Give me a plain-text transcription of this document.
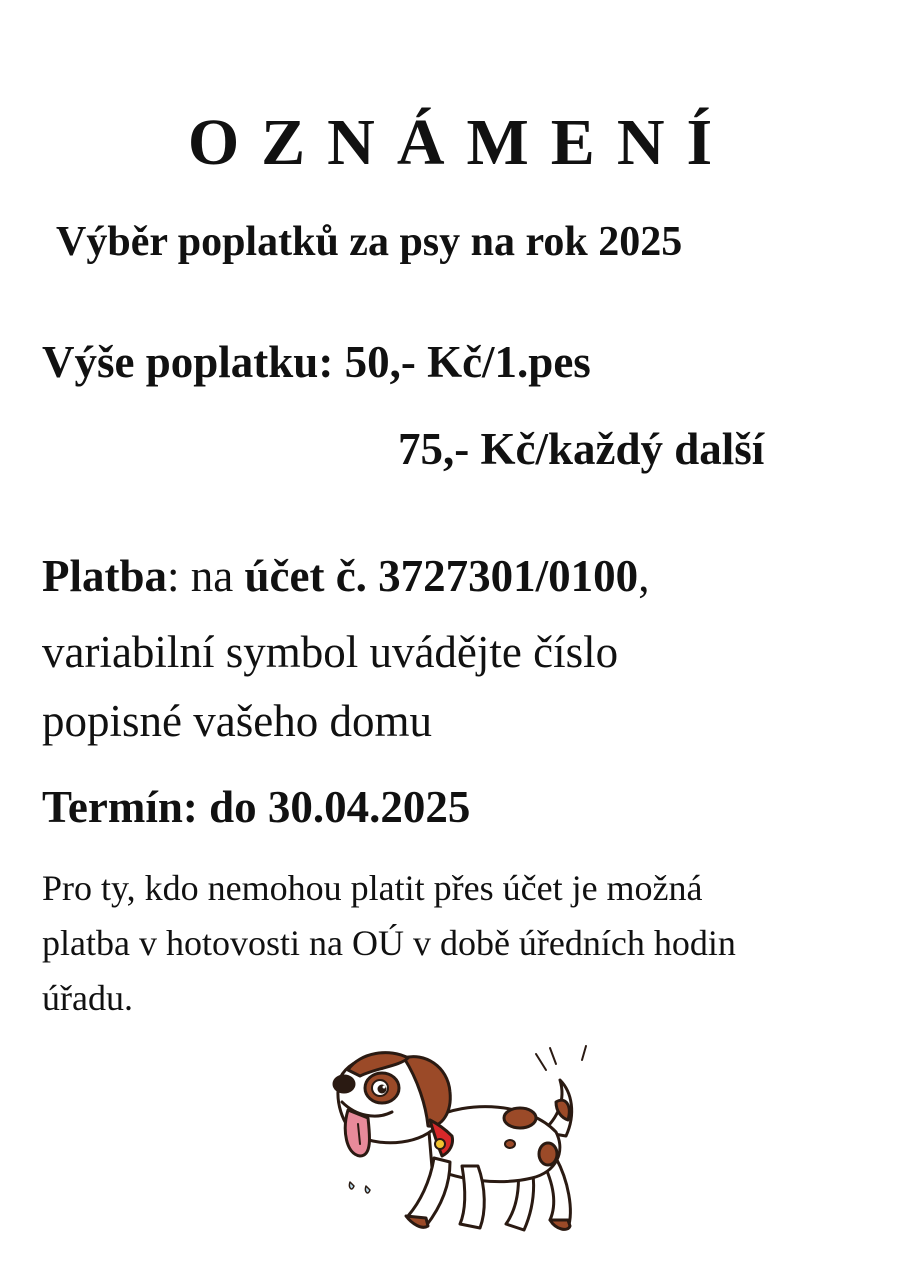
OZNÁMENÍ
Výběr poplatků za psy na rok 2025
Výše poplatku: 50,- Kč/1.pes
75,- Kč/každý další
Platba: na účet č. 3727301/0100,
variabilní symbol uvádějte číslo
popisné vašeho domu
Termín: do 30.04.2025
Pro ty, kdo nemohou platit přes účet je možná
platba v hotovosti na OÚ v době úředních hodin
úřadu.
